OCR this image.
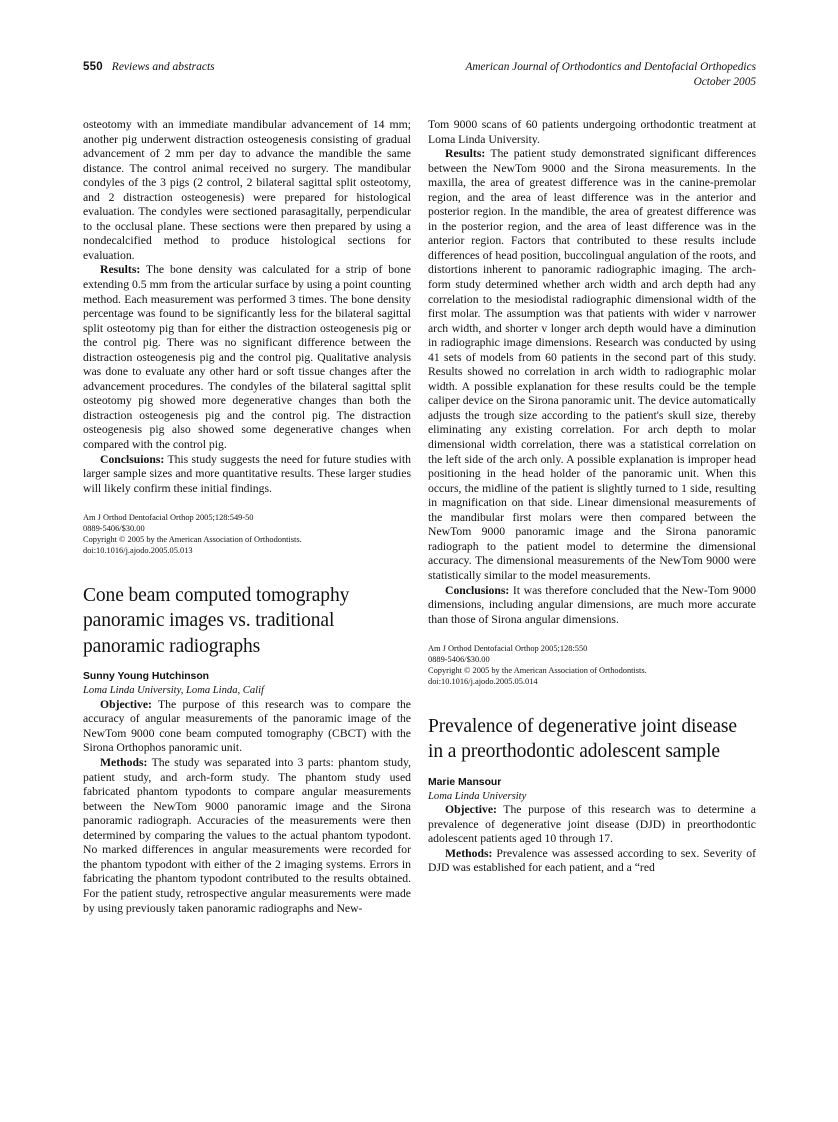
550 Reviews and abstracts	American Journal of Orthodontics and Dentofacial Orthopedics
October 2005

osteotomy with an immediate mandibular advancement of 14 mm; another pig underwent distraction osteogenesis consisting of gradual advancement of 2 mm per day to advance the mandible the same distance. The control animal received no surgery. The mandibular condyles of the 3 pigs (2 control, 2 bilateral sagittal split osteotomy, and 2 distraction osteogenesis) were prepared for histological evaluation. The condyles were sectioned parasagitally, perpendicular to the occlusal plane. These sections were then prepared by using a nondecalcified method to produce histological sections for evaluation.

Results: The bone density was calculated for a strip of bone extending 0.5 mm from the articular surface by using a point counting method. Each measurement was performed 3 times. The bone density percentage was found to be significantly less for the bilateral sagittal split osteotomy pig than for either the distraction osteogenesis pig or the control pig. There was no significant difference between the distraction osteogenesis pig and the control pig. Qualitative analysis was done to evaluate any other hard or soft tissue changes after the advancement procedures. The condyles of the bilateral sagittal split osteotomy pig showed more degenerative changes than both the distraction osteogenesis pig and the control pig. The distraction osteogenesis pig also showed some degenerative changes when compared with the control pig.

Conclsuions: This study suggests the need for future studies with larger sample sizes and more quantitative results. These larger studies will likely confirm these initial findings.

Am J Orthod Dentofacial Orthop 2005;128:549-50
0889-5406/$30.00
Copyright © 2005 by the American Association of Orthodontists.
doi:10.1016/j.ajodo.2005.05.013
Cone beam computed tomography panoramic images vs. traditional panoramic radiographs
Sunny Young Hutchinson
Loma Linda University, Loma Linda, Calif

Objective: The purpose of this research was to compare the accuracy of angular measurements of the panoramic image of the NewTom 9000 cone beam computed tomography (CBCT) with the Sirona Orthophos panoramic unit.

Methods: The study was separated into 3 parts: phantom study, patient study, and arch-form study. The phantom study used fabricated phantom typodonts to compare angular measurements between the NewTom 9000 panoramic image and the Sirona panoramic radiograph. Accuracies of the measurements were then determined by comparing the values to the actual phantom typodont. No marked differences in angular measurements were recorded for the phantom typodont with either of the 2 imaging systems. Errors in fabricating the phantom typodont contributed to the results obtained. For the patient study, retrospective angular measurements were made by using previously taken panoramic radiographs and New-

Tom 9000 scans of 60 patients undergoing orthodontic treatment at Loma Linda University.

Results: The patient study demonstrated significant differences between the NewTom 9000 and the Sirona measurements. In the maxilla, the area of greatest difference was in the canine-premolar region, and the area of least difference was in the anterior and posterior region. In the mandible, the area of greatest difference was in the posterior region, and the area of least difference was in the anterior region. Factors that contributed to these results include differences of head position, buccolingual angulation of the roots, and distortions inherent to panoramic radiographic imaging. The arch-form study determined whether arch width and arch depth had any correlation to the mesiodistal radiographic dimensional width of the first molar. The assumption was that patients with wider v narrower arch width, and shorter v longer arch depth would have a diminution in radiographic image dimensions. Research was conducted by using 41 sets of models from 60 patients in the second part of this study. Results showed no correlation in arch width to radiographic molar width. A possible explanation for these results could be the temple caliper device on the Sirona panoramic unit. The device automatically adjusts the trough size according to the patient's skull size, thereby eliminating any existing correlation. For arch depth to molar dimensional width correlation, there was a statistical correlation on the left side of the arch only. A possible explanation is improper head positioning in the head holder of the panoramic unit. When this occurs, the midline of the patient is slightly turned to 1 side, resulting in magnification on that side. Linear dimensional measurements of the mandibular first molars were then compared between the NewTom 9000 panoramic image and the Sirona panoramic radiograph to the patient model to determine the dimensional accuracy. The dimensional measurements of the NewTom 9000 were statistically similar to the model measurements.

Conclusions: It was therefore concluded that the New-Tom 9000 dimensions, including angular dimensions, are much more accurate than those of Sirona angular dimensions.

Am J Orthod Dentofacial Orthop 2005;128:550
0889-5406/$30.00
Copyright © 2005 by the American Association of Orthodontists.
doi:10.1016/j.ajodo.2005.05.014
Prevalence of degenerative joint disease in a preorthodontic adolescent sample
Marie Mansour
Loma Linda University

Objective: The purpose of this research was to determine a prevalence of degenerative joint disease (DJD) in preorthodontic adolescent patients aged 10 through 17.

Methods: Prevalence was assessed according to sex. Severity of DJD was established for each patient, and a “red
